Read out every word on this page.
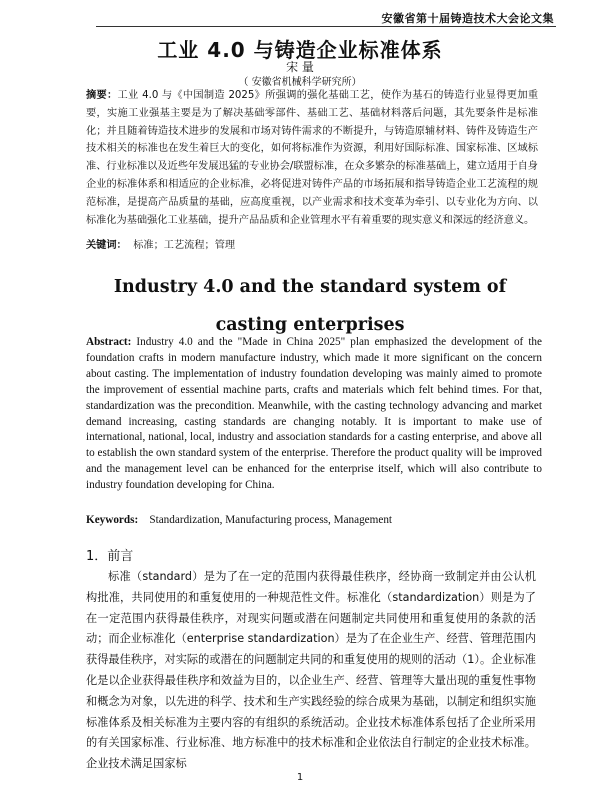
安徽省第十届铸造技术大会论文集
工业 4.0 与铸造企业标准体系
宋 量
（ 安徽省机械科学研究所）

摘要：工业 4.0 与《中国制造 2025》所强调的强化基础工艺，使作为基石的铸造行业显得更加重要，实施工业强基主要是为了解决基础零部件、基础工艺、基础材料落后问题，其先要条件是标准化；并且随着铸造技术进步的发展和市场对铸件需求的不断提升，与铸造原辅材料、铸件及铸造生产技术相关的标准也在发生着巨大的变化，如何将标准作为资源，利用好国际标准、国家标准、区域标准、行业标准以及近些年发展迅猛的专业协会/联盟标准，在众多繁杂的标准基础上，建立适用于自身企业的标准体系和相适应的企业标准，必将促进对铸件产品的市场拓展和指导铸造企业工艺流程的规范标准，是提高产品质量的基础，应高度重视，以产业需求和技术变革为牵引、以专业化为方向、以标准化为基础强化工业基础，提升产品品质和企业管理水平有着重要的现实意义和深远的经济意义。

关键词： 标准；工艺流程；管理

Industry 4.0 and the standard system of casting enterprises

Abstract: Industry 4.0 and the "Made in China 2025" plan emphasized the development of the foundation crafts in modern manufacture industry, which made it more significant on the concern about casting. The implementation of industry foundation developing was mainly aimed to promote the improvement of essential machine parts, crafts and materials which felt behind times. For that, standardization was the precondition. Meanwhile, with the casting technology advancing and market demand increasing, casting standards are changing notably. It is important to make use of international, national, local, industry and association standards for a casting enterprise, and above all to establish the own standard system of the enterprise. Therefore the product quality will be improved and the management level can be enhanced for the enterprise itself, which will also contribute to industry foundation developing for China.

Keywords: Standardization, Manufacturing process, Management

1．前言

标准（standard）是为了在一定的范围内获得最佳秩序，经协商一致制定并由公认机构批准，共同使用的和重复使用的一种规范性文件。标准化（standardization）则是为了在一定范围内获得最佳秩序，对现实问题或潜在问题制定共同使用和重复使用的条款的活动；而企业标准化（enterprise standardization）是为了在企业生产、经营、管理范围内获得最佳秩序，对实际的或潜在的问题制定共同的和重复使用的规则的活动（1）。企业标准化是以企业获得最佳秩序和效益为目的，以企业生产、经营、管理等大量出现的重复性事物和概念为对象，以先进的科学、技术和生产实践经验的综合成果为基础，以制定和组织实施标准体系及相关标准为主要内容的有组织的系统活动。企业技术标准体系包括了企业所采用的有关国家标准、行业标准、地方标准中的技术标准和企业依法自行制定的企业技术标准。企业技术满足国家标

1
